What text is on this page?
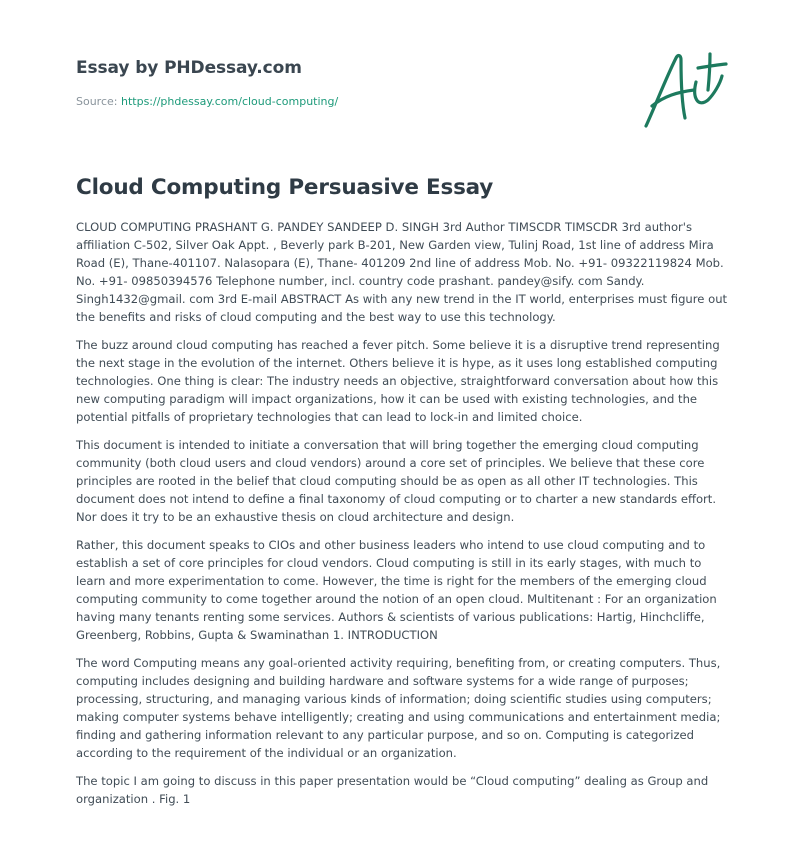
Essay by PHDessay.com
Source: https://phdessay.com/cloud-computing/
Cloud Computing Persuasive Essay

CLOUD COMPUTING PRASHANT G. PANDEY SANDEEP D. SINGH 3rd Author TIMSCDR TIMSCDR 3rd author's affiliation C-502, Silver Oak Appt. , Beverly park B-201, New Garden view, Tulinj Road, 1st line of address Mira Road (E), Thane-401107. Nalasopara (E), Thane- 401209 2nd line of address Mob. No. +91- 09322119824 Mob. No. +91- 09850394576 Telephone number, incl. country code prashant. pandey@sify. com Sandy. Singh1432@gmail. com 3rd E-mail ABSTRACT As with any new trend in the IT world, enterprises must figure out the benefits and risks of cloud computing and the best way to use this technology.

The buzz around cloud computing has reached a fever pitch. Some believe it is a disruptive trend representing the next stage in the evolution of the internet. Others believe it is hype, as it uses long established computing technologies. One thing is clear: The industry needs an objective, straightforward conversation about how this new computing paradigm will impact organizations, how it can be used with existing technologies, and the potential pitfalls of proprietary technologies that can lead to lock-in and limited choice.

This document is intended to initiate a conversation that will bring together the emerging cloud computing community (both cloud users and cloud vendors) around a core set of principles. We believe that these core principles are rooted in the belief that cloud computing should be as open as all other IT technologies. This document does not intend to define a final taxonomy of cloud computing or to charter a new standards effort. Nor does it try to be an exhaustive thesis on cloud architecture and design.

Rather, this document speaks to CIOs and other business leaders who intend to use cloud computing and to establish a set of core principles for cloud vendors. Cloud computing is still in its early stages, with much to learn and more experimentation to come. However, the time is right for the members of the emerging cloud computing community to come together around the notion of an open cloud. Multitenant : For an organization having many tenants renting some services. Authors & scientists of various publications: Hartig, Hinchcliffe, Greenberg, Robbins, Gupta & Swaminathan 1. INTRODUCTION

The word Computing means any goal-oriented activity requiring, benefiting from, or creating computers. Thus, computing includes designing and building hardware and software systems for a wide range of purposes; processing, structuring, and managing various kinds of information; doing scientific studies using computers; making computer systems behave intelligently; creating and using communications and entertainment media; finding and gathering information relevant to any particular purpose, and so on. Computing is categorized according to the requirement of the individual or an organization.

The topic I am going to discuss in this paper presentation would be “Cloud computing” dealing as Group and organization . Fig. 1
